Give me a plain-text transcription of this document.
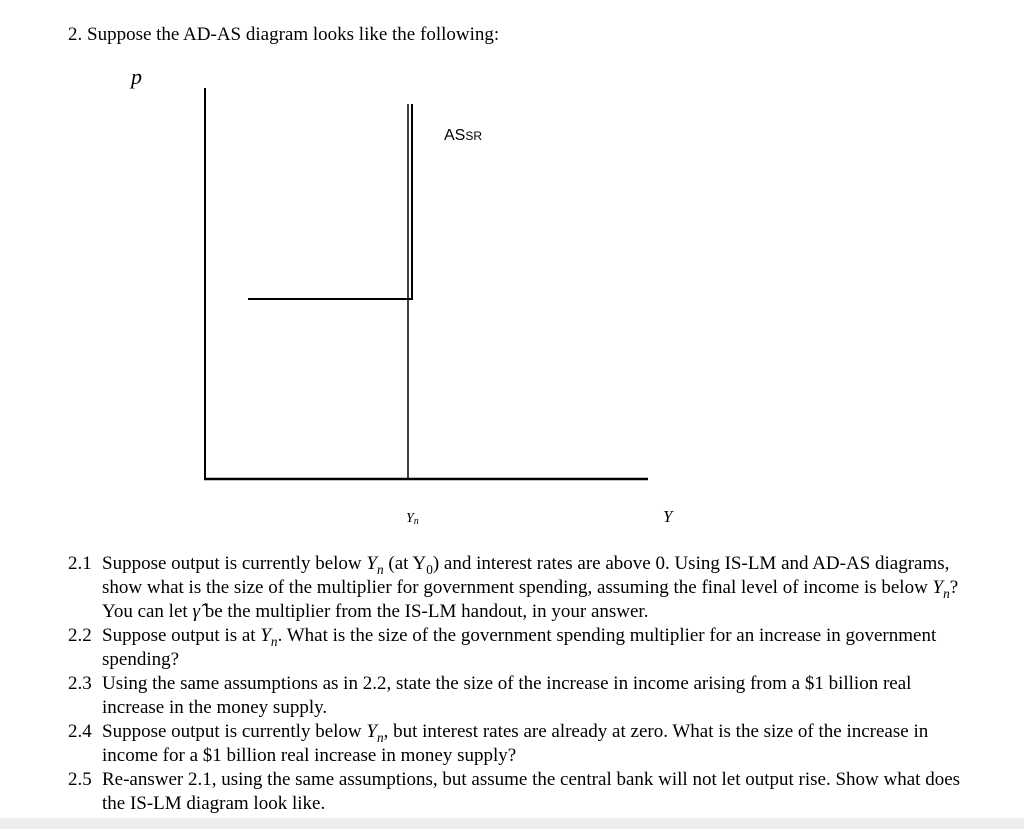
2. Suppose the AD-AS diagram looks like the following:
p
ASSR
Yn	Y

2.1 Suppose output is currently below $Y_n$ (at $Y_0$) and interest rates are above 0. Using IS-LM and AD-AS diagrams, show what is the size of the multiplier for government spending, assuming the final level of income is below $Y_n$? You can let γ̂ be the multiplier from the IS-LM handout, in your answer.

2.2 Suppose output is at $Y_n$. What is the size of the government spending multiplier for an increase in government spending?

2.3 Using the same assumptions as in 2.2, state the size of the increase in income arising from a $1 billion real increase in the money supply.

2.4 Suppose output is currently below $Y_n$, but interest rates are already at zero. What is the size of the increase in income for a $1 billion real increase in money supply?

2.5 Re-answer 2.1, using the same assumptions, but assume the central bank will not let output rise. Show what does the IS-LM diagram look like.
